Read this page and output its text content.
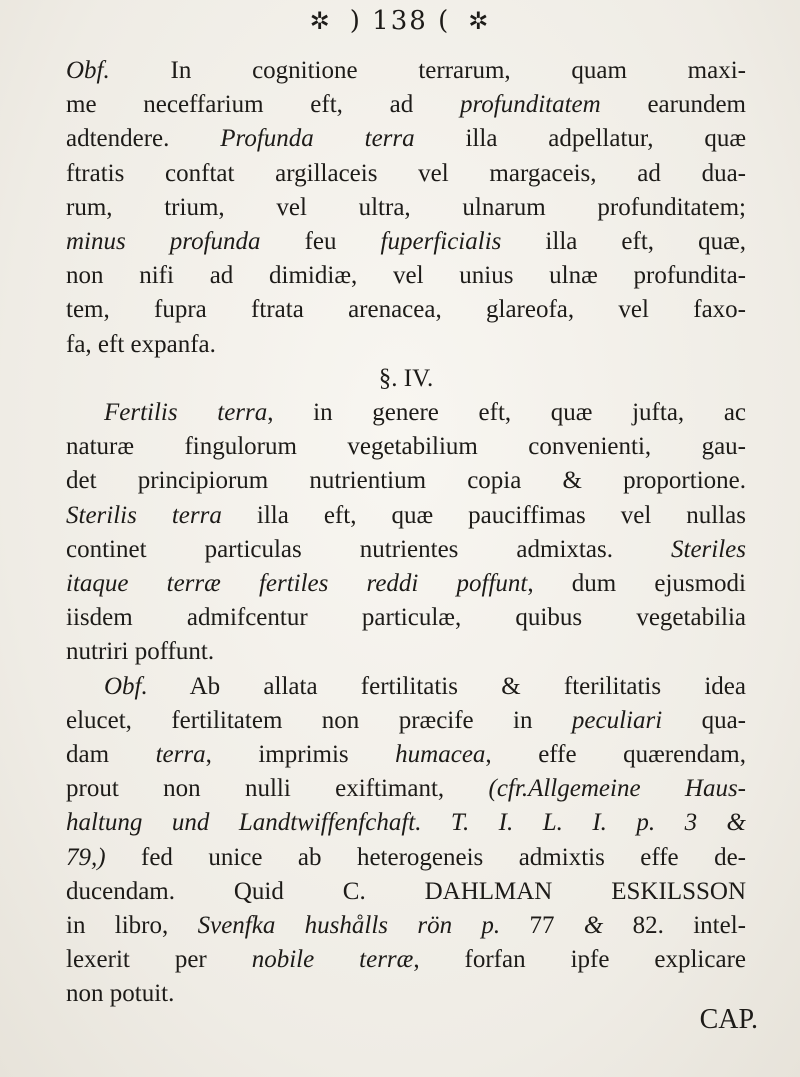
✲ ) 138 ( ✲
Obf. In cognitione terrarum, quam maxi-
me neceffarium eft, ad profunditatem earundem
adtendere. Profunda terra illa adpellatur, quæ
ftratis conftat argillaceis vel margaceis, ad dua-
rum, trium, vel ultra, ulnarum profunditatem;
minus profunda feu fuperficialis illa eft, quæ,
non nifi ad dimidiæ, vel unius ulnæ profundita-
tem, fupra ftrata arenacea, glareofa, vel faxo-
fa, eft expanfa.
§. IV.
Fertilis terra, in genere eft, quæ jufta, ac
naturæ fingulorum vegetabilium convenienti, gau-
det principiorum nutrientium copia & proportione.
Sterilis terra illa eft, quæ pauciffimas vel nullas
continet particulas nutrientes admixtas. Steriles
itaque terræ fertiles reddi poffunt, dum ejusmodi
iisdem admifcentur particulæ, quibus vegetabilia
nutriri poffunt.
Obf. Ab allata fertilitatis & fterilitatis idea
elucet, fertilitatem non præcife in peculiari qua-
dam terra, imprimis humacea, effe quærendam,
prout non nulli exiftimant, (cfr.Allgemeine Haus-
haltung und Landtwiffenfchaft. T. I. L. I. p. 3 &
79,) fed unice ab heterogeneis admixtis effe de-
ducendam. Quid C. DAHLMAN ESKILSSON
in libro, Svenfka hushålls rön p. 77 & 82. intel-
lexerit per nobile terræ, forfan ipfe explicare
non potuit.
CAP.
